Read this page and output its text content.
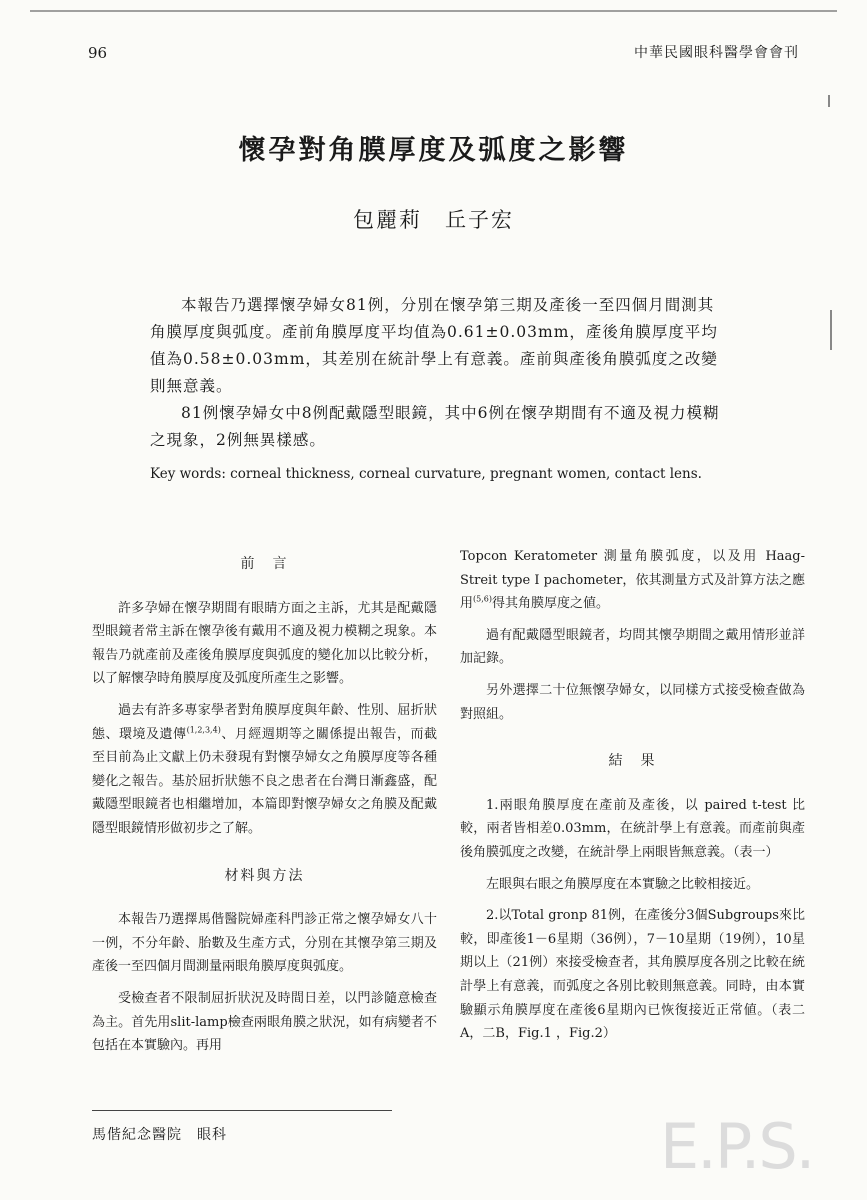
96	中華民國眼科醫學會會刊
懷孕對角膜厚度及弧度之影響
包麗莉　丘子宏

本報告乃選擇懷孕婦女81例，分別在懷孕第三期及產後一至四個月間測其角膜厚度與弧度。產前角膜厚度平均值為0.61±0.03mm，產後角膜厚度平均值為0.58±0.03mm，其差別在統計學上有意義。產前與產後角膜弧度之改變則無意義。

81例懷孕婦女中8例配戴隱型眼鏡，其中6例在懷孕期間有不適及視力模糊之現象，2例無異樣感。

Key words: corneal thickness, corneal curvature, pregnant women, contact lens.
前　言

許多孕婦在懷孕期間有眼睛方面之主訴，尤其是配戴隱型眼鏡者常主訴在懷孕後有戴用不適及視力模糊之現象。本報告乃就產前及產後角膜厚度與弧度的變化加以比較分析，以了解懷孕時角膜厚度及弧度所產生之影響。

過去有許多專家學者對角膜厚度與年齡、性別、屈折狀態、環境及遺傳$^{(1,2,3,4)}$、月經週期等之關係提出報告，而截至目前為止文獻上仍未發現有對懷孕婦女之角膜厚度等各種變化之報告。基於屈折狀態不良之患者在台灣日漸鑫盛，配戴隱型眼鏡者也相繼增加，本篇即對懷孕婦女之角膜及配戴隱型眼鏡情形做初步之了解。

材料與方法

本報告乃選擇馬偕醫院婦產科門診正常之懷孕婦女八十一例，不分年齡、胎數及生產方式，分別在其懷孕第三期及產後一至四個月間測量兩眼角膜厚度與弧度。

受檢查者不限制屈折狀況及時間日差，以門診隨意檢查為主。首先用slit-lamp檢查兩眼角膜之狀況，如有病變者不包括在本實驗內。再用

Topcon Keratometer 測量角膜弧度，以及用 Haag-Streit type I pachometer，依其測量方式及計算方法之應用$^{(5,6)}$得其角膜厚度之値。

過有配戴隱型眼鏡者，均問其懷孕期間之戴用情形並詳加記錄。

另外選擇二十位無懷孕婦女，以同樣方式接受檢查做為對照組。

結　果

1.兩眼角膜厚度在產前及產後，以 paired t-test 比較，兩者皆相差0.03mm，在統計學上有意義。而產前與產後角膜弧度之改變，在統計學上兩眼皆無意義。（表一）

左眼與右眼之角膜厚度在本實驗之比較相接近。

2.以Total gronp 81例，在產後分3個Subgroups來比較，即產後1－6星期（36例），7－10星期（19例），10星期以上（21例）來接受檢查者，其角膜厚度各別之比較在統計學上有意義，而弧度之各別比較則無意義。同時，由本實驗顯示角膜厚度在產後6星期內已恢復接近正常値。（表二A，二B，Fig.1 ，Fig.2）

馬偕紀念醫院　眼科	E.P.S.
